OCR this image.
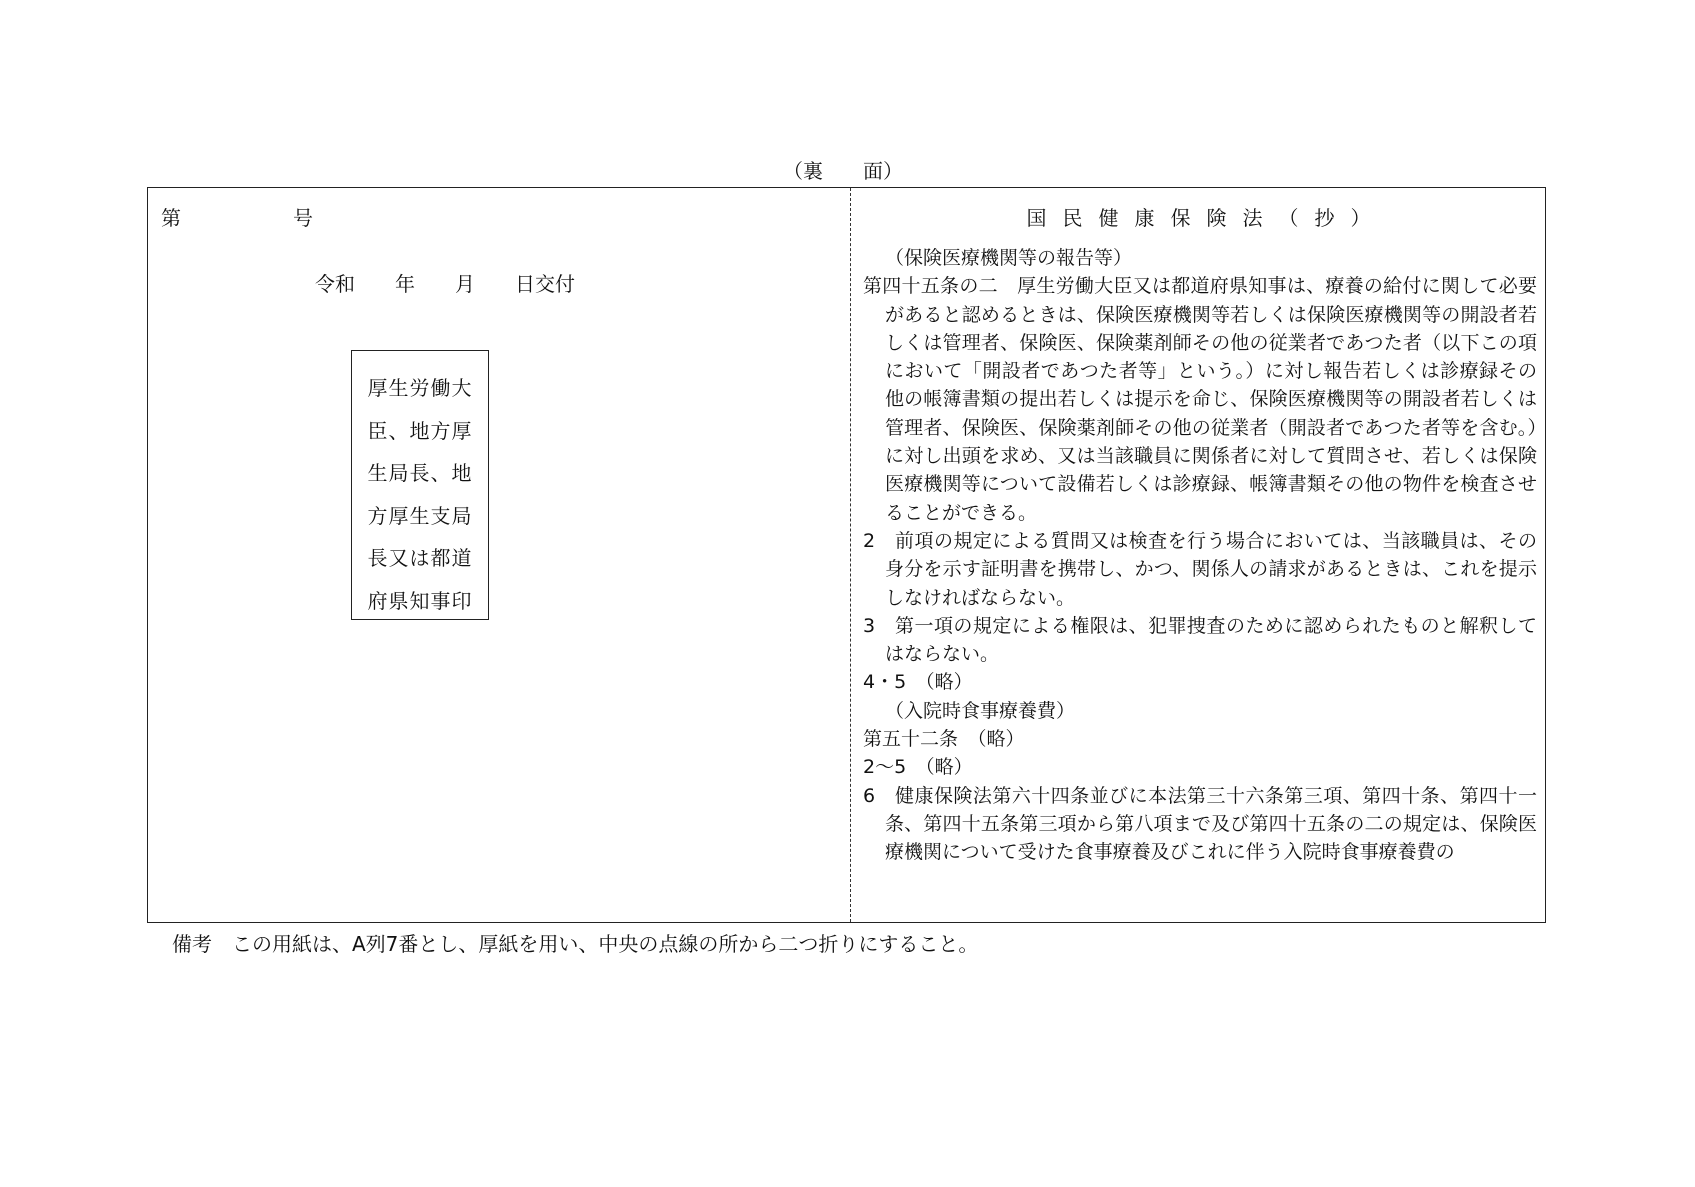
（裏　　面）
第	号
令和 年 月 日交付
厚生労働大
臣、地方厚
生局長、地
方厚生支局
長又は都道
府県知事印
国民健康保険法（抄）
（保険医療機関等の報告等）
第四十五条の二　厚生労働大臣又は都道府県知事は、療養の給付に関して必要があると認めるときは、保険医療機関等若しくは保険医療機関等の開設者若しくは管理者、保険医、保険薬剤師その他の従業者であつた者（以下この項において「開設者であつた者等」という。）に対し報告若しくは診療録その他の帳簿書類の提出若しくは提示を命じ、保険医療機関等の開設者若しくは管理者、保険医、保険薬剤師その他の従業者（開設者であつた者等を含む。）に対し出頭を求め、又は当該職員に関係者に対して質問させ、若しくは保険医療機関等について設備若しくは診療録、帳簿書類その他の物件を検査させることができる。
2　前項の規定による質問又は検査を行う場合においては、当該職員は、その身分を示す証明書を携帯し、かつ、関係人の請求があるときは、これを提示しなければならない。
3　第一項の規定による権限は、犯罪捜査のために認められたものと解釈してはならない。
4・5　（略）
（入院時食事療養費）
第五十二条　（略）
2〜5　（略）
6　健康保険法第六十四条並びに本法第三十六条第三項、第四十条、第四十一条、第四十五条第三項から第八項まで及び第四十五条の二の規定は、保険医療機関について受けた食事療養及びこれに伴う入院時食事療養費の
備考　この用紙は、A列7番とし、厚紙を用い、中央の点線の所から二つ折りにすること。
